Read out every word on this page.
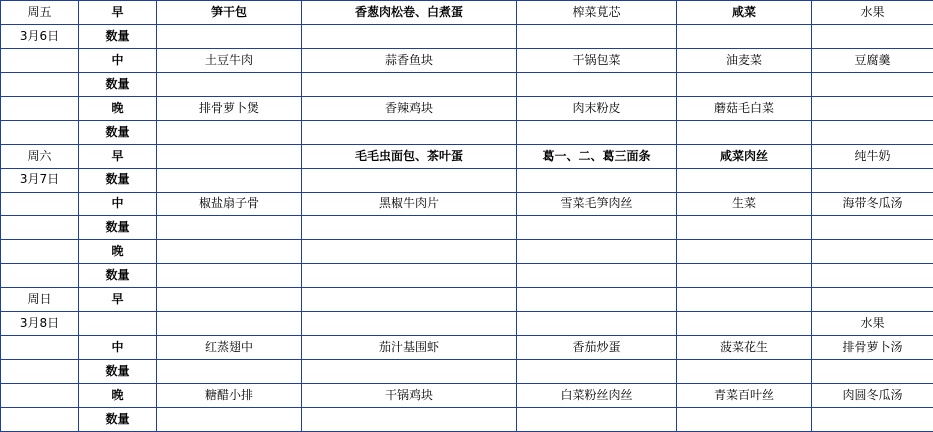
周五	早	笋干包	香葱肉松卷、白煮蛋	榨菜莧芯	咸菜	水果
3月6日	数量					
	中	土豆牛肉	蒜香鱼块	干锅包菜	油麦菜	豆腐羹
	数量					
	晚	排骨萝卜煲	香辣鸡块	肉末粉皮	蘑菇毛白菜	
	数量					
周六	早		毛毛虫面包、茶叶蛋	葛一、二、葛三面条	咸菜肉丝	纯牛奶
3月7日	数量					
	中	椒盐扇子骨	黑椒牛肉片	雪菜毛笋肉丝	生菜	海带冬瓜汤
	数量					
	晚					
	数量					
周日	早					
3月8日						水果
	中	红蒸翅中	茄汁基围虾	香茄炒蛋	菠菜花生	排骨萝卜汤
	数量					
	晚	糖醋小排	干锅鸡块	白菜粉丝肉丝	青菜百叶丝	肉圆冬瓜汤
	数量					
